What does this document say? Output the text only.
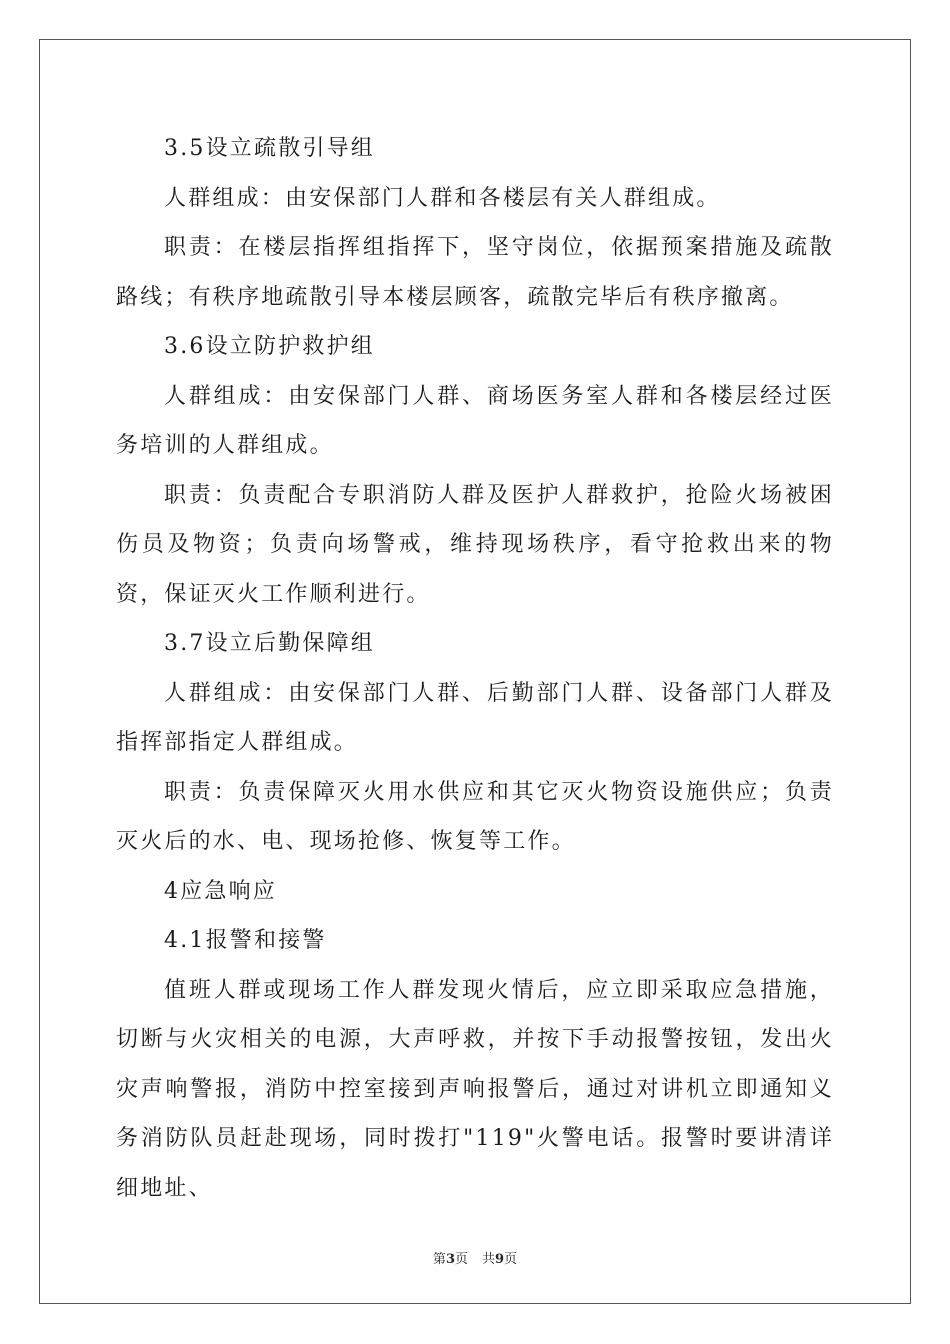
3.5设立疏散引导组

人群组成：由安保部门人群和各楼层有关人群组成。

职责：在楼层指挥组指挥下，坚守岗位，依据预案措施及疏散路线；有秩序地疏散引导本楼层顾客，疏散完毕后有秩序撤离。

3.6设立防护救护组

人群组成：由安保部门人群、商场医务室人群和各楼层经过医务培训的人群组成。

职责：负责配合专职消防人群及医护人群救护，抢险火场被困伤员及物资；负责向场警戒，维持现场秩序，看守抢救出来的物资，保证灭火工作顺利进行。

3.7设立后勤保障组

人群组成：由安保部门人群、后勤部门人群、设备部门人群及指挥部指定人群组成。

职责：负责保障灭火用水供应和其它灭火物资设施供应；负责灭火后的水、电、现场抢修、恢复等工作。

4应急响应

4.1报警和接警

值班人群或现场工作人群发现火情后，应立即采取应急措施，切断与火灾相关的电源，大声呼救，并按下手动报警按钮，发出火灾声响警报，消防中控室接到声响报警后，通过对讲机立即通知义务消防队员赶赴现场，同时拨打"119"火警电话。报警时要讲清详细地址、

第3页 共9页
